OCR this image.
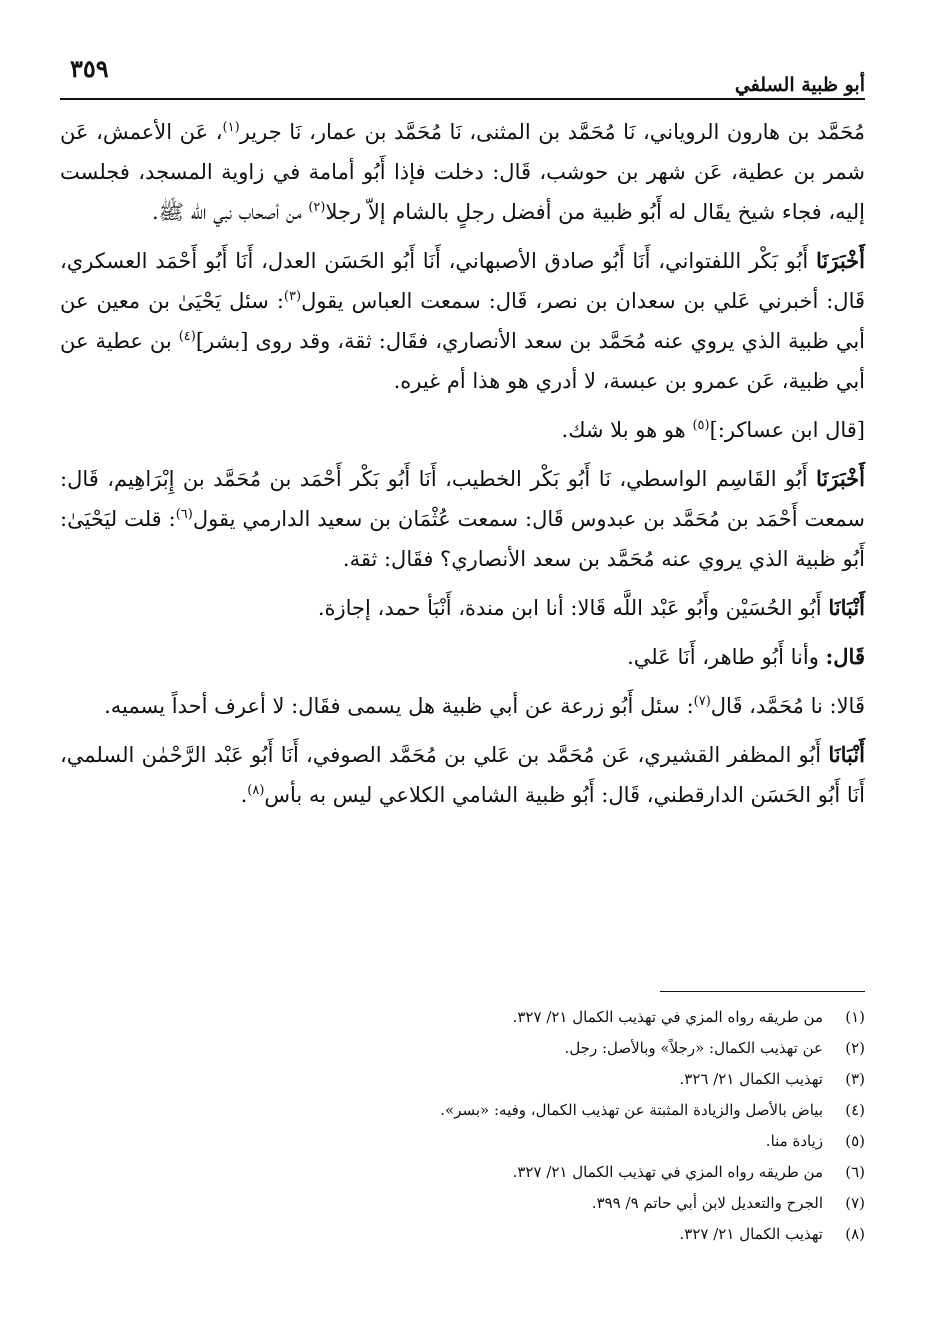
٣٥٩
أبو ظبية السلفي

مُحَمَّد بن هارون الروياني، نَا مُحَمَّد بن المثنى، نَا مُحَمَّد بن عمار، نَا جرير$^{(١)}$، عَن الأعمش، عَن شمر بن عطية، عَن شهر بن حوشب، قَال: دخلت فإذا أَبُو أمامة في زاوية المسجد، فجلست إليه، فجاء شيخ يقَال له أَبُو ظبية من أفضل رجلٍ بالشام إلاّ رجلا$^{(٢)}$ من أصحاب نبي الله ﷺ.

أَخْبَرَنَا أَبُو بَكْر اللفتواني، أَنَا أَبُو صادق الأصبهاني، أَنَا أَبُو الحَسَن العدل، أَنَا أَبُو أَحْمَد العسكري، قَال: أخبرني عَلي بن سعدان بن نصر، قَال: سمعت العباس يقول$^{(٣)}$: سئل يَحْيَىٰ بن معين عن أبي ظبية الذي يروي عنه مُحَمَّد بن سعد الأنصاري، فقَال: ثقة، وقد روى [بشر]$^{(٤)}$ بن عطية عن أبي ظبية، عَن عمرو بن عبسة، لا أدري هو هذا أم غيره.

[قال ابن عساكر:]$^{(٥)}$ هو هو بلا شك.

أَخْبَرَنَا أَبُو القَاسِم الواسطي، نَا أَبُو بَكْر الخطيب، أَنَا أَبُو بَكْر أَحْمَد بن مُحَمَّد بن إِبْرَاهِيم، قَال: سمعت أَحْمَد بن مُحَمَّد بن عبدوس قَال: سمعت عُثْمَان بن سعيد الدارمي يقول$^{(٦)}$: قلت ليَحْيَىٰ: أَبُو ظبية الذي يروي عنه مُحَمَّد بن سعد الأنصاري؟ فقَال: ثقة.

أَنْبَانَا أَبُو الحُسَيْن وأَبُو عَبْد اللَّه قَالا: أنا ابن مندة، أَنْبَأ حمد، إجازة.

قَال: وأنا أَبُو طاهر، أَنَا عَلي.

قَالا: نا مُحَمَّد، قَال$^{(٧)}$: سئل أَبُو زرعة عن أبي ظبية هل يسمى فقَال: لا أعرف أحداً يسميه.

أَنْبَانَا أَبُو المظفر القشيري، عَن مُحَمَّد بن عَلي بن مُحَمَّد الصوفي، أَنَا أَبُو عَبْد الرَّحْمٰن السلمي، أَنَا أَبُو الحَسَن الدارقطني، قَال: أَبُو ظبية الشامي الكلاعي ليس به بأس$^{(٨)}$.

(١)
من طريقه رواه المزي في تهذيب الكمال ٢١/ ٣٢٧.
(٢)
عن تهذيب الكمال: «رجلاً» وبالأصل: رجل.
(٣)
تهذيب الكمال ٢١/ ٣٢٦.
(٤)
بياض بالأصل والزيادة المثبتة عن تهذيب الكمال، وفيه: «بسر».
(٥)
زيادة منا.
(٦)
من طريقه رواه المزي في تهذيب الكمال ٢١/ ٣٢٧.
(٧)
الجرح والتعديل لابن أبي حاتم ٩/ ٣٩٩.
(٨)
تهذيب الكمال ٢١/ ٣٢٧.
